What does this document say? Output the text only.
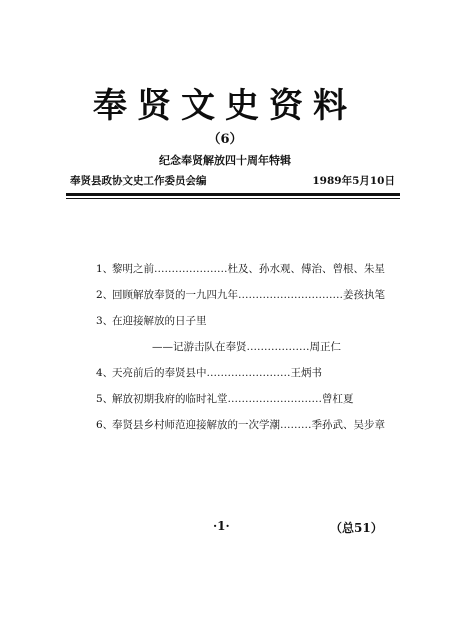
奉贤文史资料
（6）
纪念奉贤解放四十周年特辑
奉贤县政协文史工作委员会编	1989年5月10日
1、黎明之前…………………杜及、孙水观、傅治、曾根、朱星
2、回顾解放奉贤的一九四九年…………………………姜孩执笔
3、在迎接解放的日子里
——记游击队在奉贤………………周正仁
4、天亮前后的奉贤县中……………………王炳书
5、解放初期我府的临时礼堂………………………曾杠夏
6、奉贤县乡村师范迎接解放的一次学潮………季孙武、吴步章
·1·	（总51）
